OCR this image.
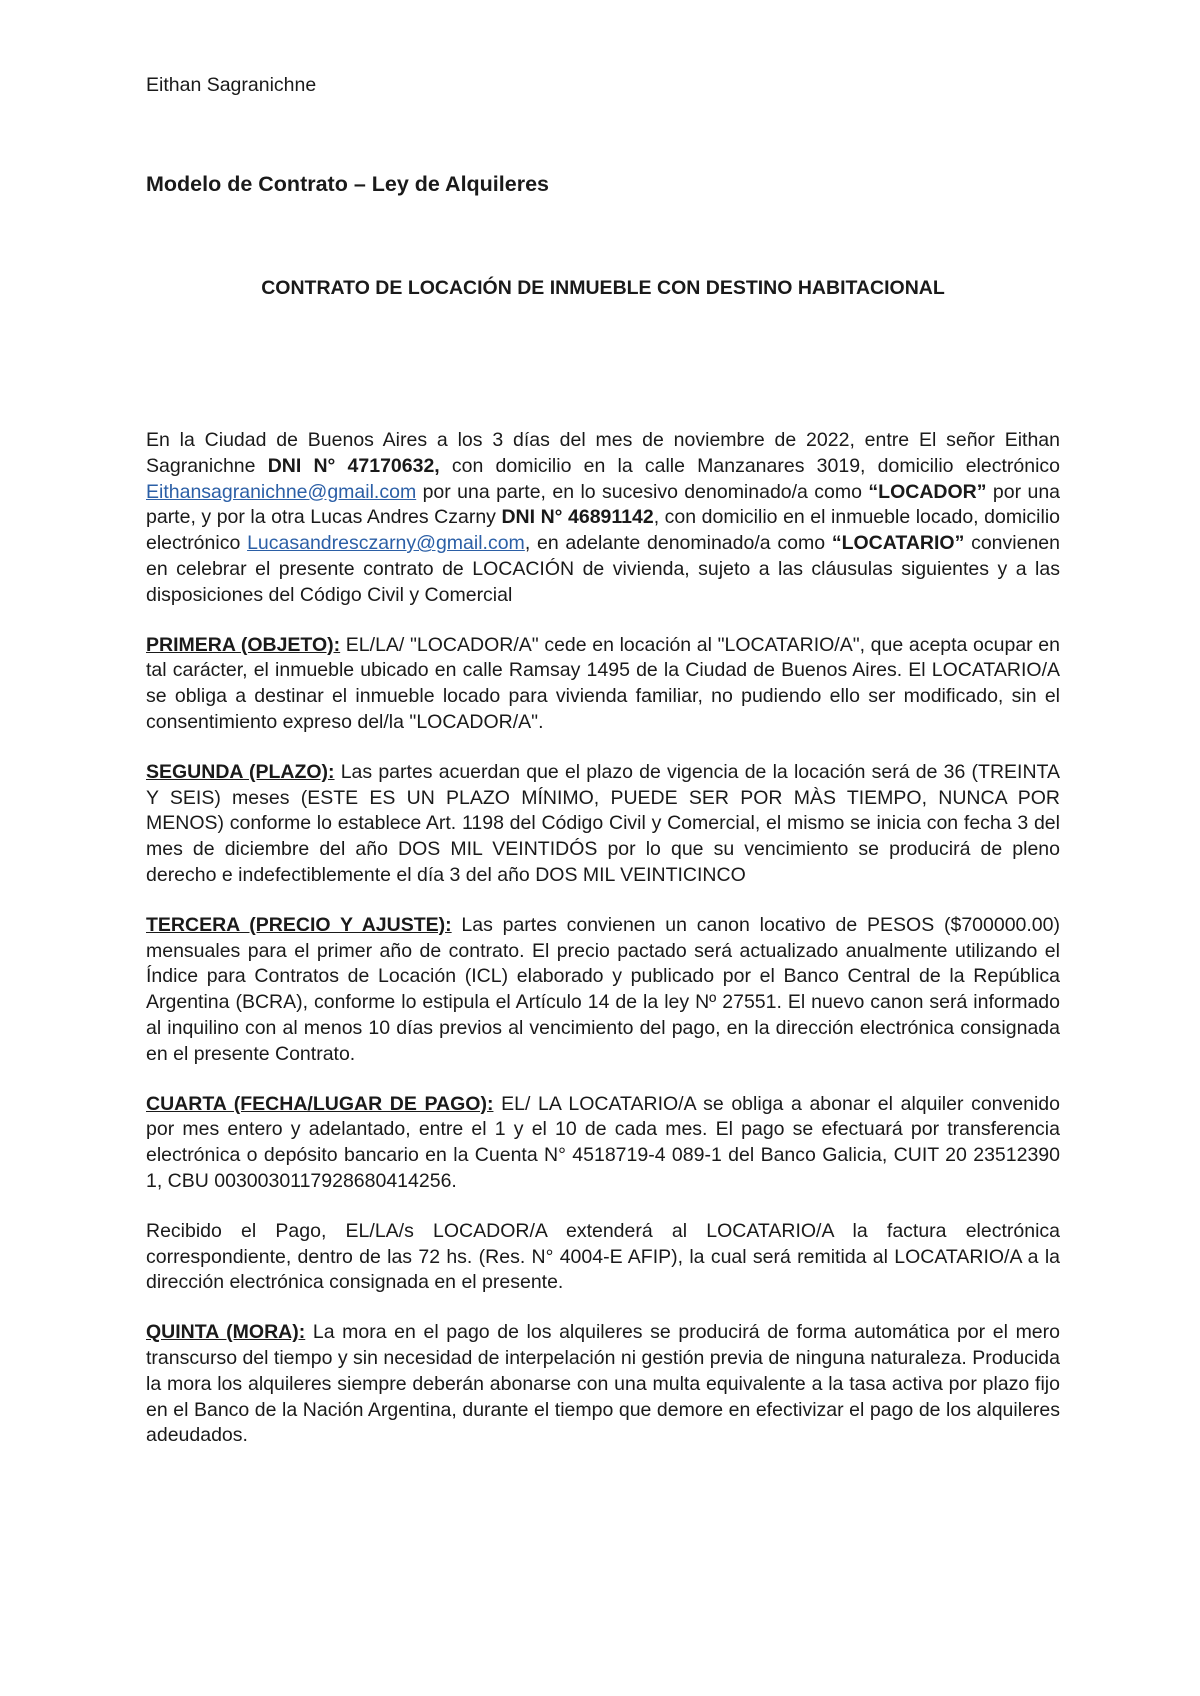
Eithan Sagranichne
Modelo de Contrato – Ley de Alquileres
CONTRATO DE LOCACIÓN DE INMUEBLE CON DESTINO HABITACIONAL

En la Ciudad de Buenos Aires a los 3 días del mes de noviembre de 2022, entre El señor Eithan Sagranichne DNI N° 47170632, con domicilio en la calle Manzanares 3019, domicilio electrónico Eithansagranichne@gmail.com por una parte, en lo sucesivo denominado/a como “LOCADOR” por una parte, y por la otra Lucas Andres Czarny DNI N° 46891142, con domicilio en el inmueble locado, domicilio electrónico Lucasandresczarny@gmail.com, en adelante denominado/a como “LOCATARIO” convienen en celebrar el presente contrato de LOCACIÓN de vivienda, sujeto a las cláusulas siguientes y a las disposiciones del Código Civil y Comercial

PRIMERA (OBJETO): EL/LA/ "LOCADOR/A" cede en locación al "LOCATARIO/A", que acepta ocupar en tal carácter, el inmueble ubicado en calle Ramsay 1495 de la Ciudad de Buenos Aires. El LOCATARIO/A se obliga a destinar el inmueble locado para vivienda familiar, no pudiendo ello ser modificado, sin el consentimiento expreso del/la "LOCADOR/A".

SEGUNDA (PLAZO): Las partes acuerdan que el plazo de vigencia de la locación será de 36 (TREINTA Y SEIS) meses (ESTE ES UN PLAZO MÍNIMO, PUEDE SER POR MÀS TIEMPO, NUNCA POR MENOS) conforme lo establece Art. 1198 del Código Civil y Comercial, el mismo se inicia con fecha 3 del mes de diciembre del año DOS MIL VEINTIDÓS por lo que su vencimiento se producirá de pleno derecho e indefectiblemente el día 3 del año DOS MIL VEINTICINCO

TERCERA (PRECIO Y AJUSTE): Las partes convienen un canon locativo de PESOS ($700000.00) mensuales para el primer año de contrato. El precio pactado será actualizado anualmente utilizando el Índice para Contratos de Locación (ICL) elaborado y publicado por el Banco Central de la República Argentina (BCRA), conforme lo estipula el Artículo 14 de la ley Nº 27551. El nuevo canon será informado al inquilino con al menos 10 días previos al vencimiento del pago, en la dirección electrónica consignada en el presente Contrato.

CUARTA (FECHA/LUGAR DE PAGO): EL/ LA LOCATARIO/A se obliga a abonar el alquiler convenido por mes entero y adelantado, entre el 1 y el 10 de cada mes. El pago se efectuará por transferencia electrónica o depósito bancario en la Cuenta N° 4518719-4 089-1 del Banco Galicia, CUIT 20 23512390 1, CBU 0030030117928680414256.

Recibido el Pago, EL/LA/s LOCADOR/A extenderá al LOCATARIO/A la factura electrónica correspondiente, dentro de las 72 hs. (Res. N° 4004-E AFIP), la cual será remitida al LOCATARIO/A a la dirección electrónica consignada en el presente.

QUINTA (MORA): La mora en el pago de los alquileres se producirá de forma automática por el mero transcurso del tiempo y sin necesidad de interpelación ni gestión previa de ninguna naturaleza. Producida la mora los alquileres siempre deberán abonarse con una multa equivalente a la tasa activa por plazo fijo en el Banco de la Nación Argentina, durante el tiempo que demore en efectivizar el pago de los alquileres adeudados.
